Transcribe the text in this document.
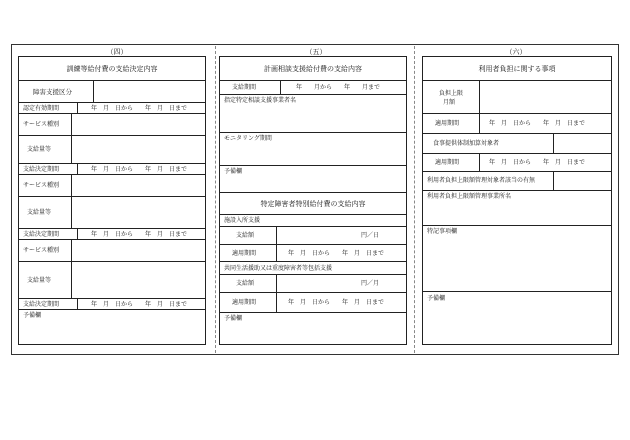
（四）	（五）	（六）
訓練等給付費の支給決定内容
障害支援区分
認定有効期間	年　月　日から　　年　月　日まで
サービス種別
支給量等
支給決定期間	年　月　日から　　年　月　日まで
サービス種別
支給量等
支給決定期間	年　月　日から　　年　月　日まで
サービス種別
支給量等
支給決定期間	年　月　日から　　年　月　日まで
予備欄
計画相談支援給付費の支給内容
支給期間	年　　月から　　年　　月まで
指定特定相談支援事業者名
モニタリング期間
予備欄
特定障害者特別給付費の支給内容
施設入所支援
支給額	円／日
適用期間	年　月　日から　　年　月　日まで
共同生活援助又は重度障害者等包括支援
支給額	円／月
適用期間	年　月　日から　　年　月　日まで
予備欄
利用者負担に関する事項
負担上限
月額
適用期間	年　月　日から　　年　月　日まで
食事提供体制加算対象者
適用期間	年　月　日から　　年　月　日まで
利用者負担上限額管理対象者該当の有無
利用者負担上限額管理事業所名
特記事項欄
予備欄
